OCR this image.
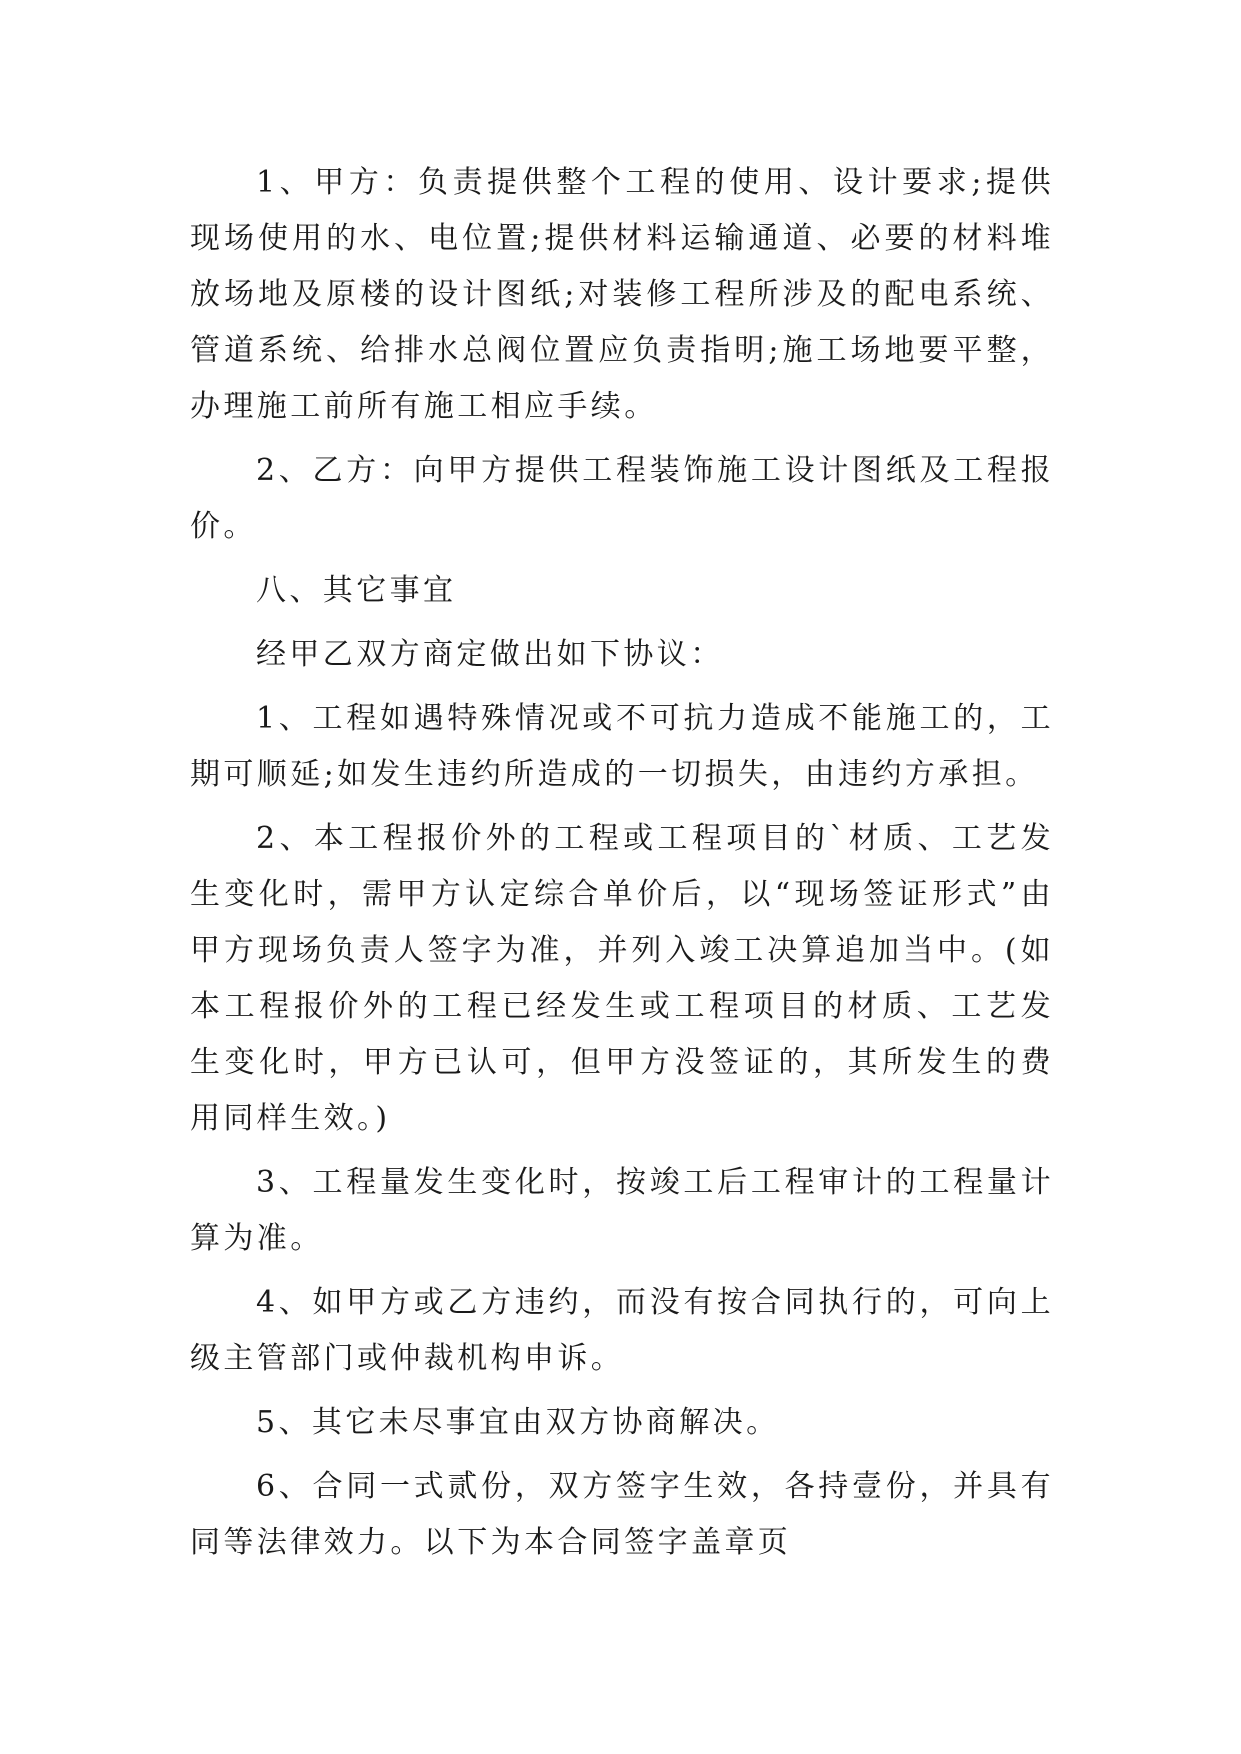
1、甲方：负责提供整个工程的使用、设计要求;提供现场使用的水、电位置;提供材料运输通道、必要的材料堆放场地及原楼的设计图纸;对装修工程所涉及的配电系统、管道系统、给排水总阀位置应负责指明;施工场地要平整，办理施工前所有施工相应手续。

2、乙方：向甲方提供工程装饰施工设计图纸及工程报价。

八、其它事宜

经甲乙双方商定做出如下协议：

1、工程如遇特殊情况或不可抗力造成不能施工的，工期可顺延;如发生违约所造成的一切损失，由违约方承担。

2、本工程报价外的工程或工程项目的`材质、工艺发生变化时，需甲方认定综合单价后，以“现场签证形式”由甲方现场负责人签字为准，并列入竣工决算追加当中。(如本工程报价外的工程已经发生或工程项目的材质、工艺发生变化时，甲方已认可，但甲方没签证的，其所发生的费用同样生效。)

3、工程量发生变化时，按竣工后工程审计的工程量计算为准。

4、如甲方或乙方违约，而没有按合同执行的，可向上级主管部门或仲裁机构申诉。

5、其它未尽事宜由双方协商解决。

6、合同一式贰份，双方签字生效，各持壹份，并具有同等法律效力。以下为本合同签字盖章页
